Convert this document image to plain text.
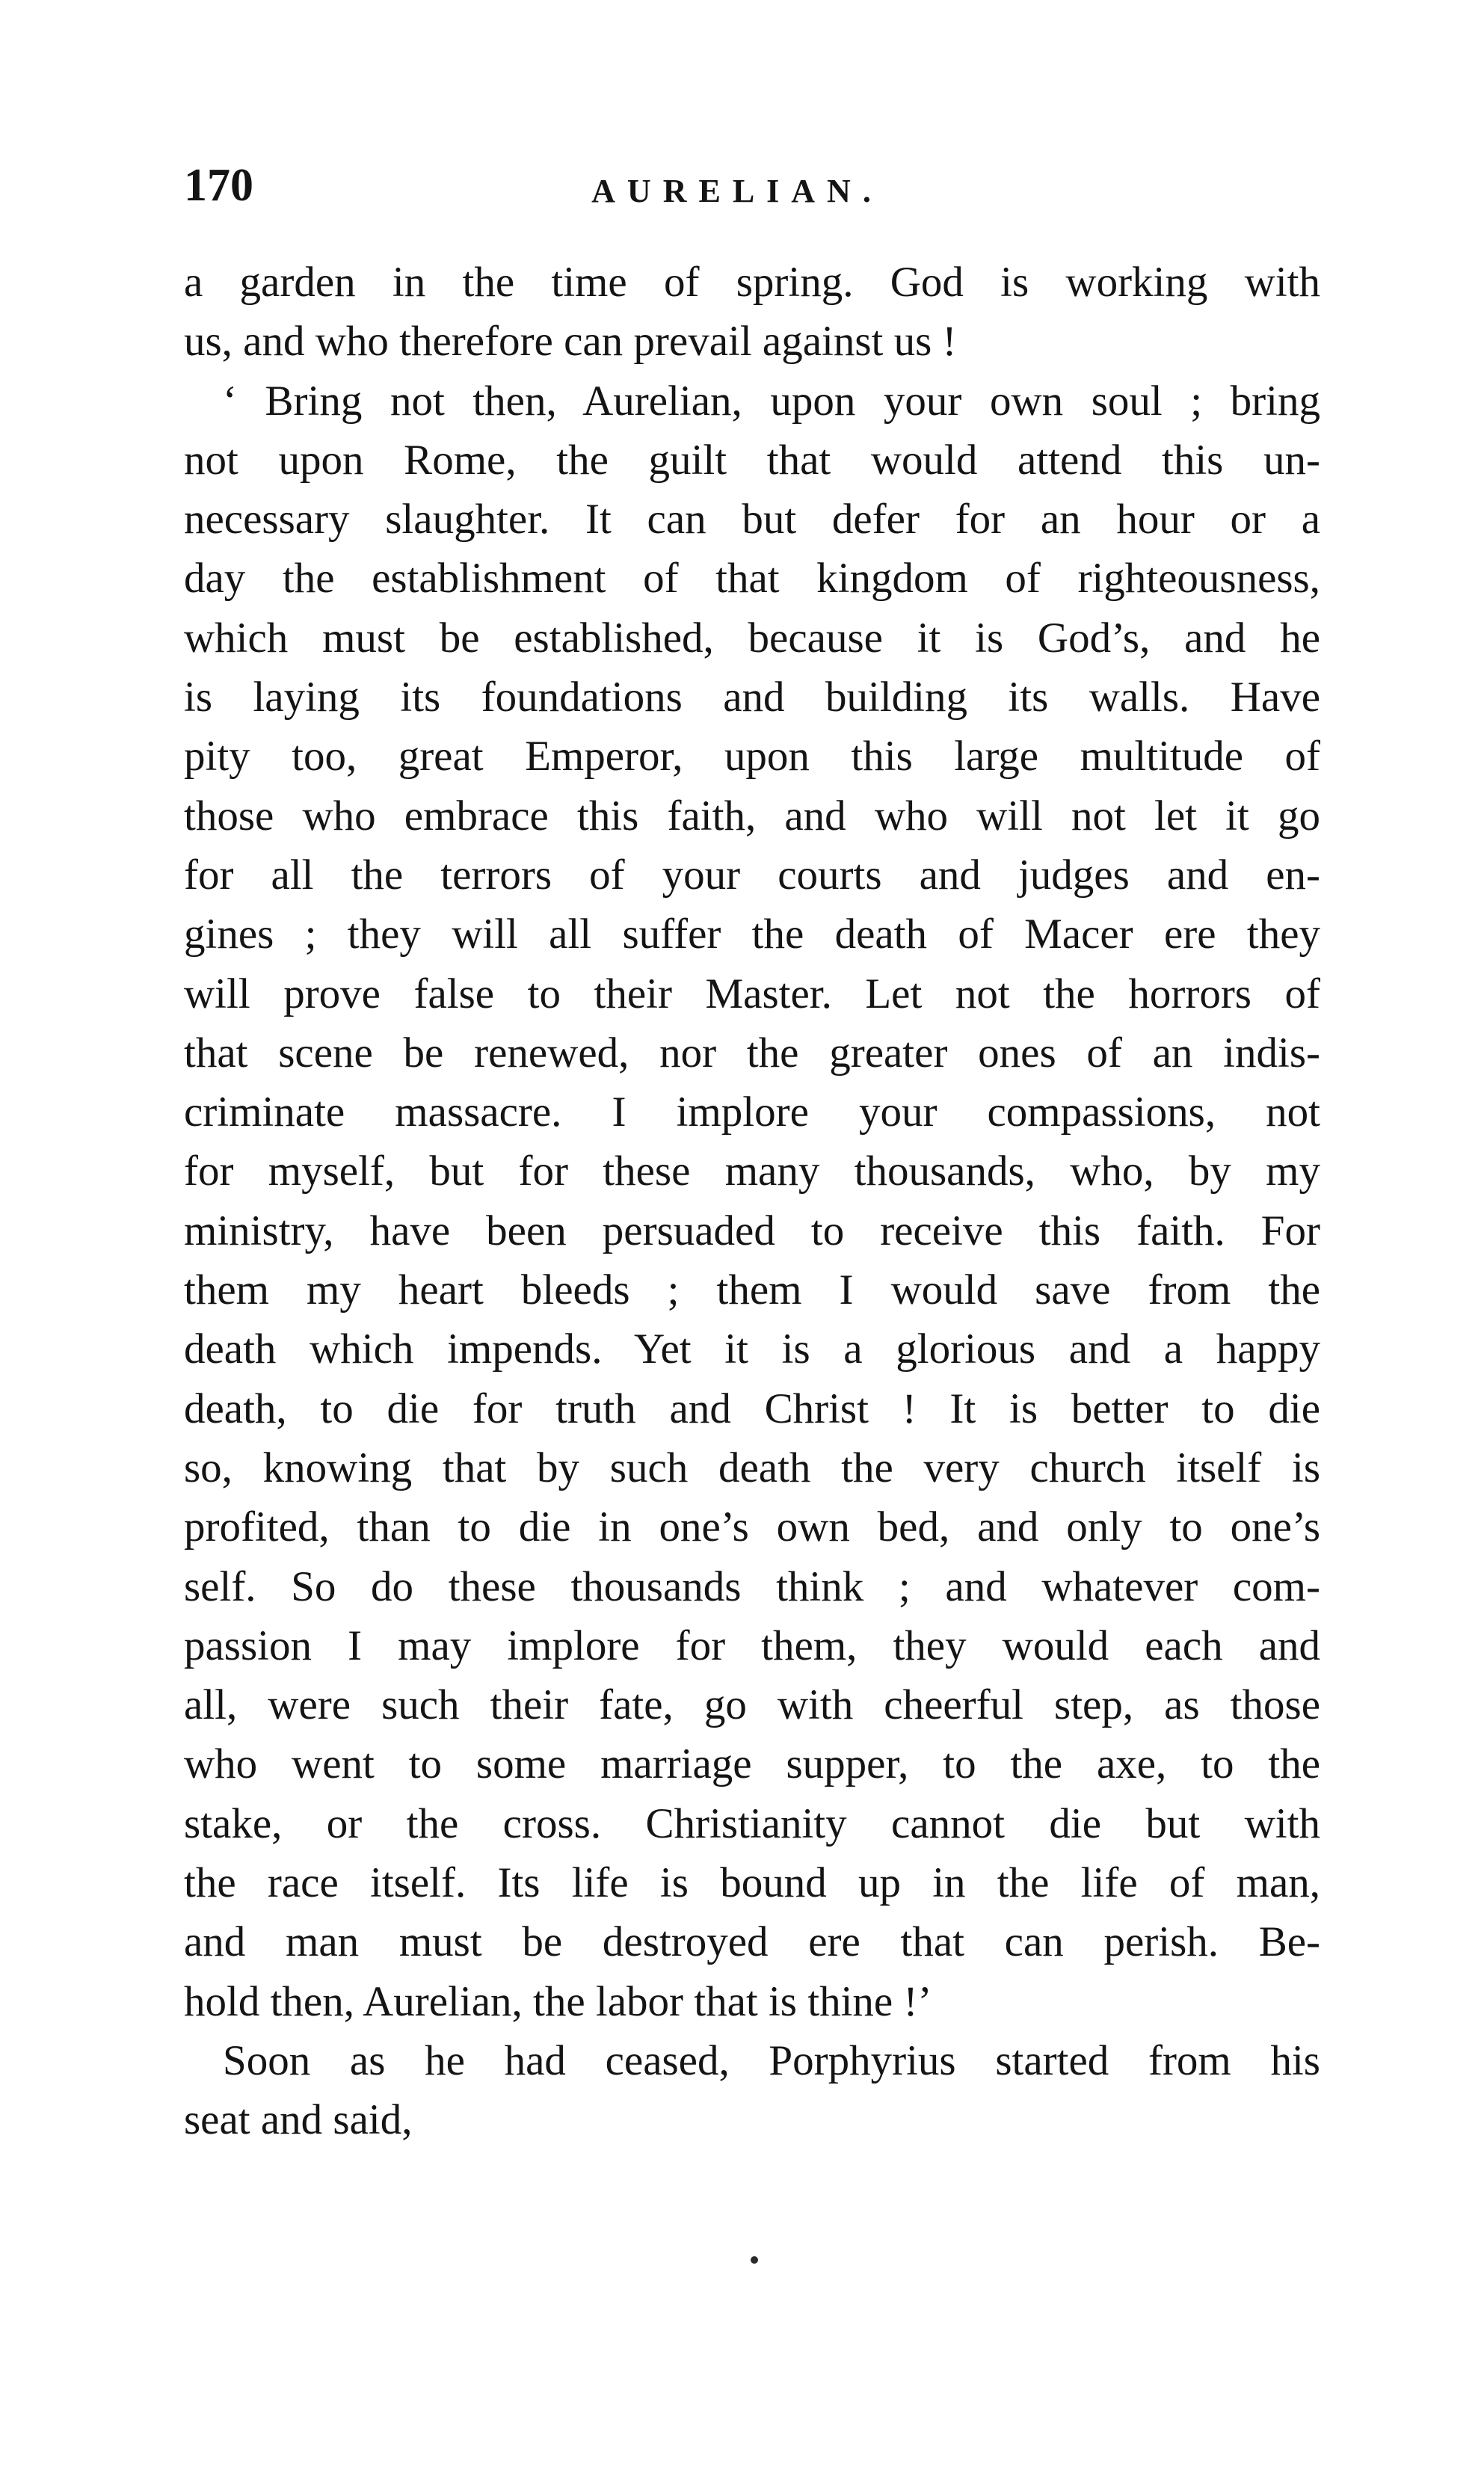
170	AURELIAN.
a garden in the time of spring. God is working with
us, and who therefore can prevail against us !
‘ Bring not then, Aurelian, upon your own soul ; bring
not upon Rome, the guilt that would attend this un-
necessary slaughter. It can but defer for an hour or a
day the establishment of that kingdom of righteousness,
which must be established, because it is God’s, and he
is laying its foundations and building its walls. Have
pity too, great Emperor, upon this large multitude of
those who embrace this faith, and who will not let it go
for all the terrors of your courts and judges and en-
gines ; they will all suffer the death of Macer ere they
will prove false to their Master. Let not the horrors of
that scene be renewed, nor the greater ones of an indis-
criminate massacre. I implore your compassions, not
for myself, but for these many thousands, who, by my
ministry, have been persuaded to receive this faith. For
them my heart bleeds ; them I would save from the
death which impends. Yet it is a glorious and a happy
death, to die for truth and Christ ! It is better to die
so, knowing that by such death the very church itself is
profited, than to die in one’s own bed, and only to one’s
self. So do these thousands think ; and whatever com-
passion I may implore for them, they would each and
all, were such their fate, go with cheerful step, as those
who went to some marriage supper, to the axe, to the
stake, or the cross. Christianity cannot die but with
the race itself. Its life is bound up in the life of man,
and man must be destroyed ere that can perish. Be-
hold then, Aurelian, the labor that is thine !’
Soon as he had ceased, Porphyrius started from his
seat and said,
